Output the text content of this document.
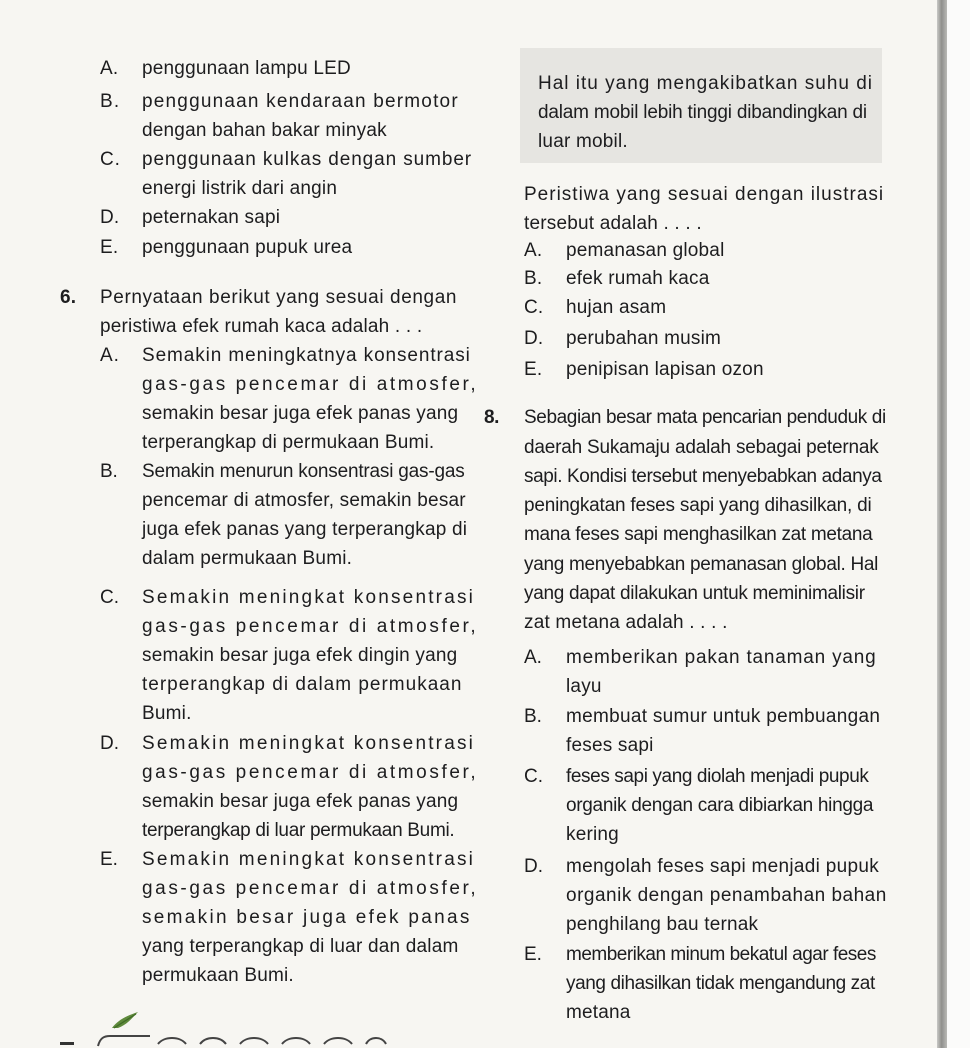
A. penggunaan lampu LED
B. penggunaan kendaraan bermotor
dengan bahan bakar minyak
C. penggunaan kulkas dengan sumber
energi listrik dari angin
D. peternakan sapi
E. penggunaan pupuk urea
6. Pernyataan berikut yang sesuai dengan
peristiwa efek rumah kaca adalah . . .
A. Semakin meningkatnya konsentrasi
gas-gas pencemar di atmosfer,
semakin besar juga efek panas yang
terperangkap di permukaan Bumi.
B. Semakin menurun konsentrasi gas-gas
pencemar di atmosfer, semakin besar
juga efek panas yang terperangkap di
dalam permukaan Bumi.
C. Semakin meningkat konsentrasi
gas-gas pencemar di atmosfer,
semakin besar juga efek dingin yang
terperangkap di dalam permukaan
Bumi.
D. Semakin meningkat konsentrasi
gas-gas pencemar di atmosfer,
semakin besar juga efek panas yang
terperangkap di luar permukaan Bumi.
E. Semakin meningkat konsentrasi
gas-gas pencemar di atmosfer,
semakin besar juga efek panas
yang terperangkap di luar dan dalam
permukaan Bumi.
Hal itu yang mengakibatkan suhu di
dalam mobil lebih tinggi dibandingkan di
luar mobil.
Peristiwa yang sesuai dengan ilustrasi
tersebut adalah . . . .
A. pemanasan global
B. efek rumah kaca
C. hujan asam
D. perubahan musim
E. penipisan lapisan ozon
8. Sebagian besar mata pencarian penduduk di
daerah Sukamaju adalah sebagai peternak
sapi. Kondisi tersebut menyebabkan adanya
peningkatan feses sapi yang dihasilkan, di
mana feses sapi menghasilkan zat metana
yang menyebabkan pemanasan global. Hal
yang dapat dilakukan untuk meminimalisir
zat metana adalah . . . .
A. memberikan pakan tanaman yang
layu
B. membuat sumur untuk pembuangan
feses sapi
C. feses sapi yang diolah menjadi pupuk
organik dengan cara dibiarkan hingga
kering
D. mengolah feses sapi menjadi pupuk
organik dengan penambahan bahan
penghilang bau ternak
E. memberikan minum bekatul agar feses
yang dihasilkan tidak mengandung zat
metana
